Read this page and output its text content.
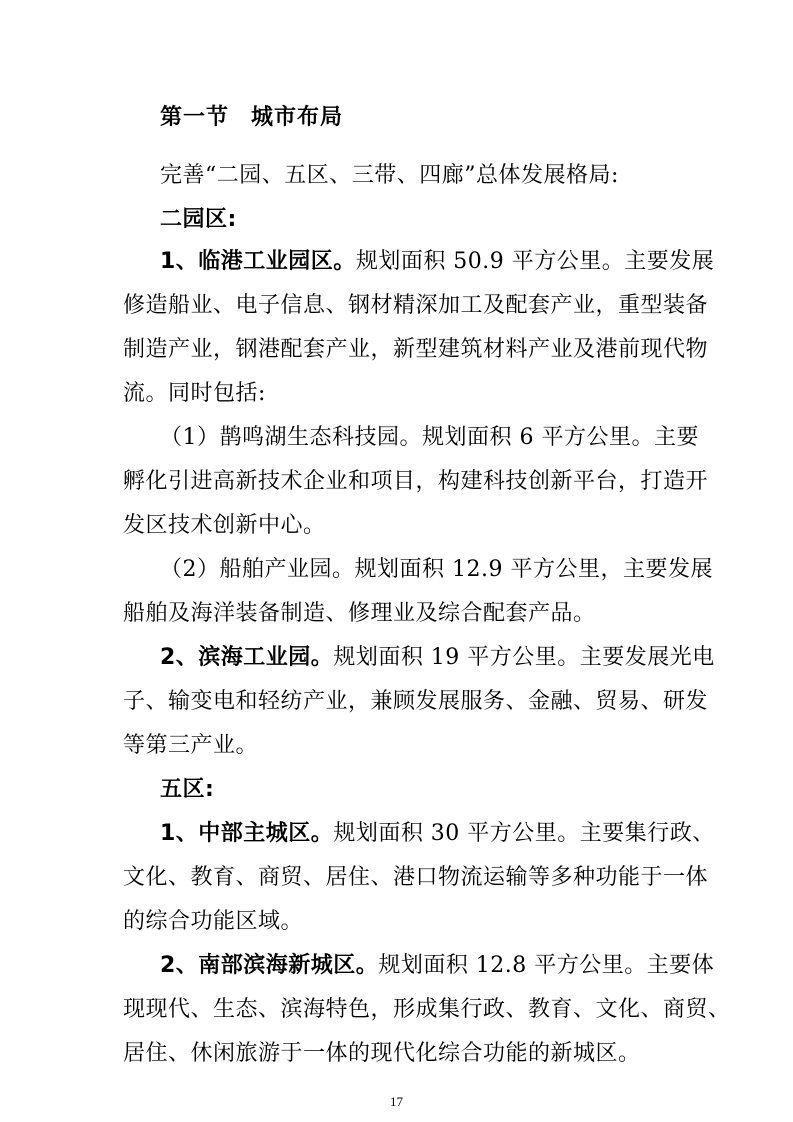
第一节 城市布局
完善“二园、五区、三带、四廊”总体发展格局:
二园区:
1、临港工业园区。规划面积 50.9 平方公里。主要发展
修造船业、电子信息、钢材精深加工及配套产业，重型装备
制造产业，钢港配套产业，新型建筑材料产业及港前现代物
流。同时包括:
（1）鹊鸣湖生态科技园。规划面积 6 平方公里。主要
孵化引进高新技术企业和项目，构建科技创新平台，打造开
发区技术创新中心。
（2）船舶产业园。规划面积 12.9 平方公里，主要发展
船舶及海洋装备制造、修理业及综合配套产品。
2、滨海工业园。规划面积 19 平方公里。主要发展光电
子、输变电和轻纺产业，兼顾发展服务、金融、贸易、研发
等第三产业。
五区:
1、中部主城区。规划面积 30 平方公里。主要集行政、
文化、教育、商贸、居住、港口物流运输等多种功能于一体
的综合功能区域。
2、南部滨海新城区。规划面积 12.8 平方公里。主要体
现现代、生态、滨海特色，形成集行政、教育、文化、商贸、
居住、休闲旅游于一体的现代化综合功能的新城区。
17
